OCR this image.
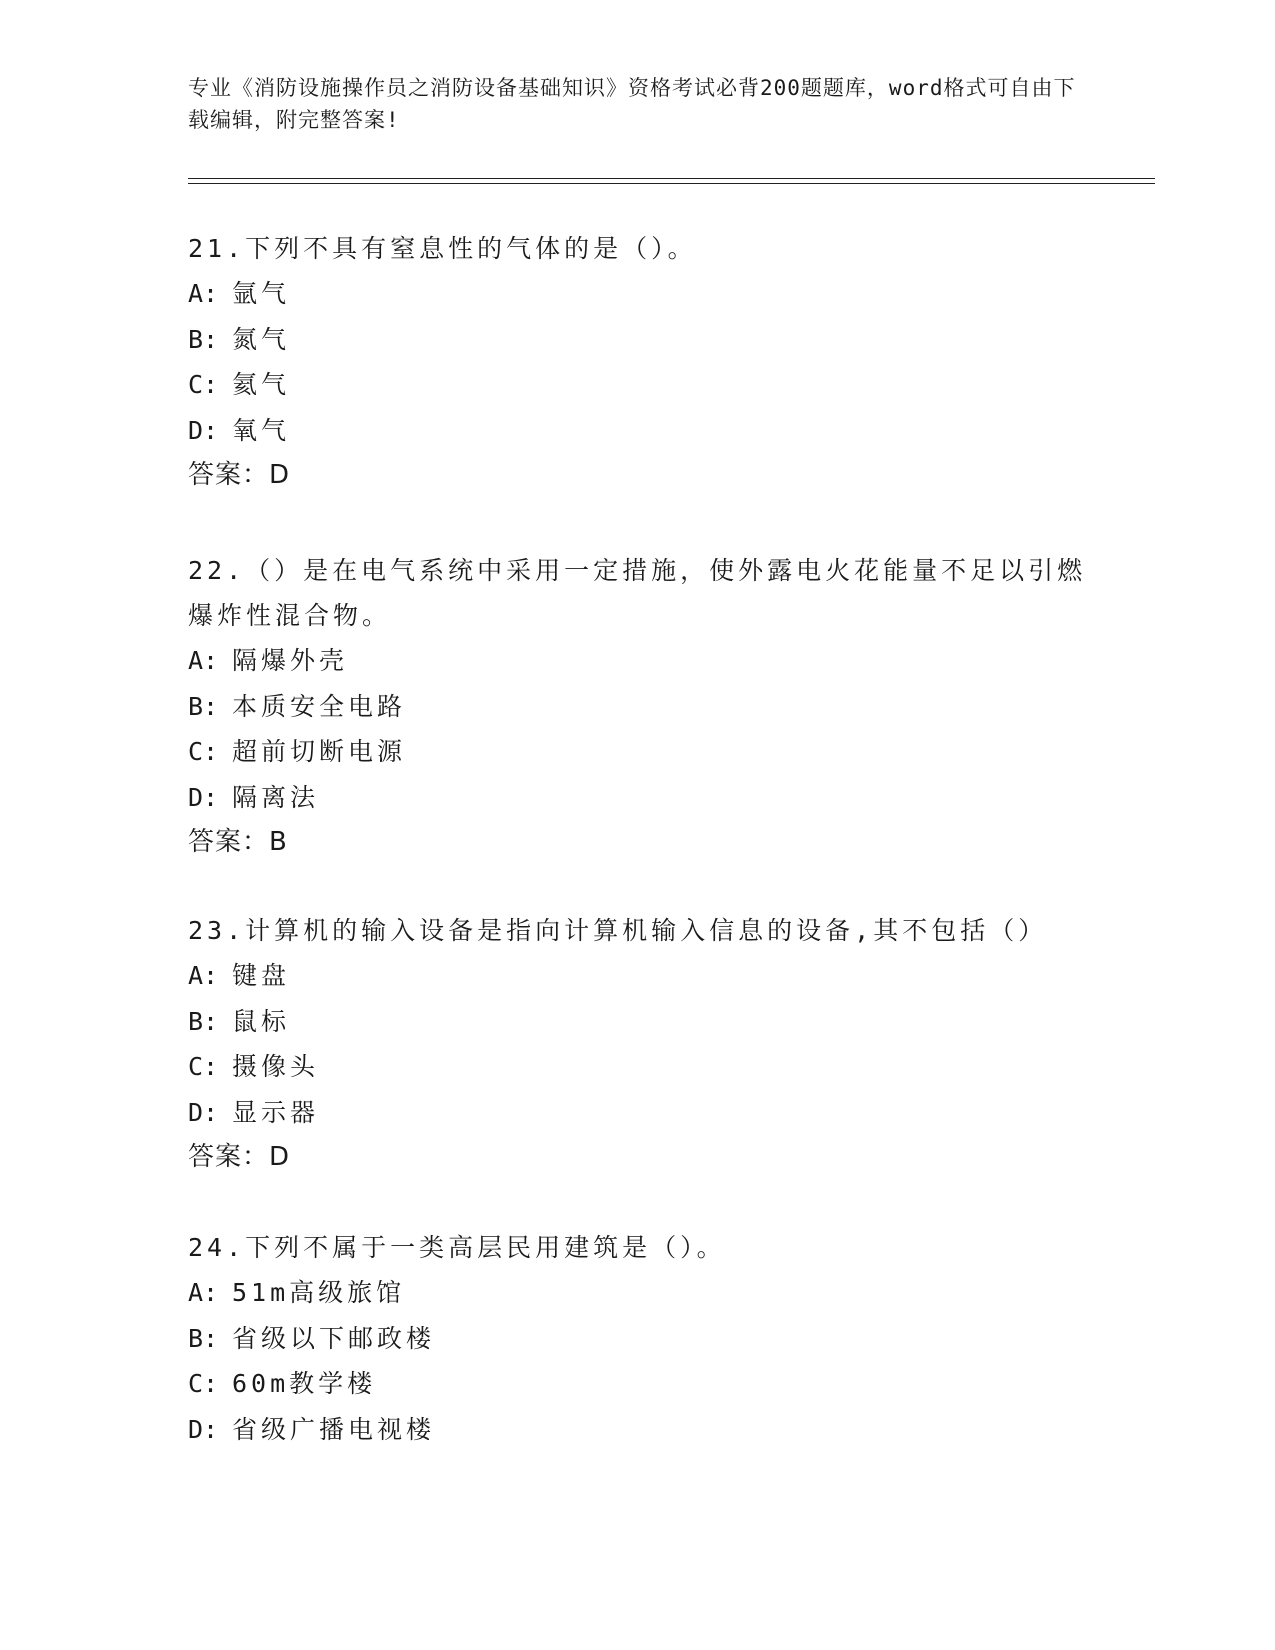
专业《消防设施操作员之消防设备基础知识》资格考试必背200题题库，word格式可自由下载编辑，附完整答案!
21.下列不具有窒息性的气体的是（）。
A: 氩气
B: 氮气
C: 氦气
D: 氧气
答案：D
22.（）是在电气系统中采用一定措施，使外露电火花能量不足以引燃爆炸性混合物。
A: 隔爆外壳
B: 本质安全电路
C: 超前切断电源
D: 隔离法
答案：B
23.计算机的输入设备是指向计算机输入信息的设备,其不包括（）
A: 键盘
B: 鼠标
C: 摄像头
D: 显示器
答案：D
24.下列不属于一类高层民用建筑是（）。
A: 51m高级旅馆
B: 省级以下邮政楼
C: 60m教学楼
D: 省级广播电视楼
